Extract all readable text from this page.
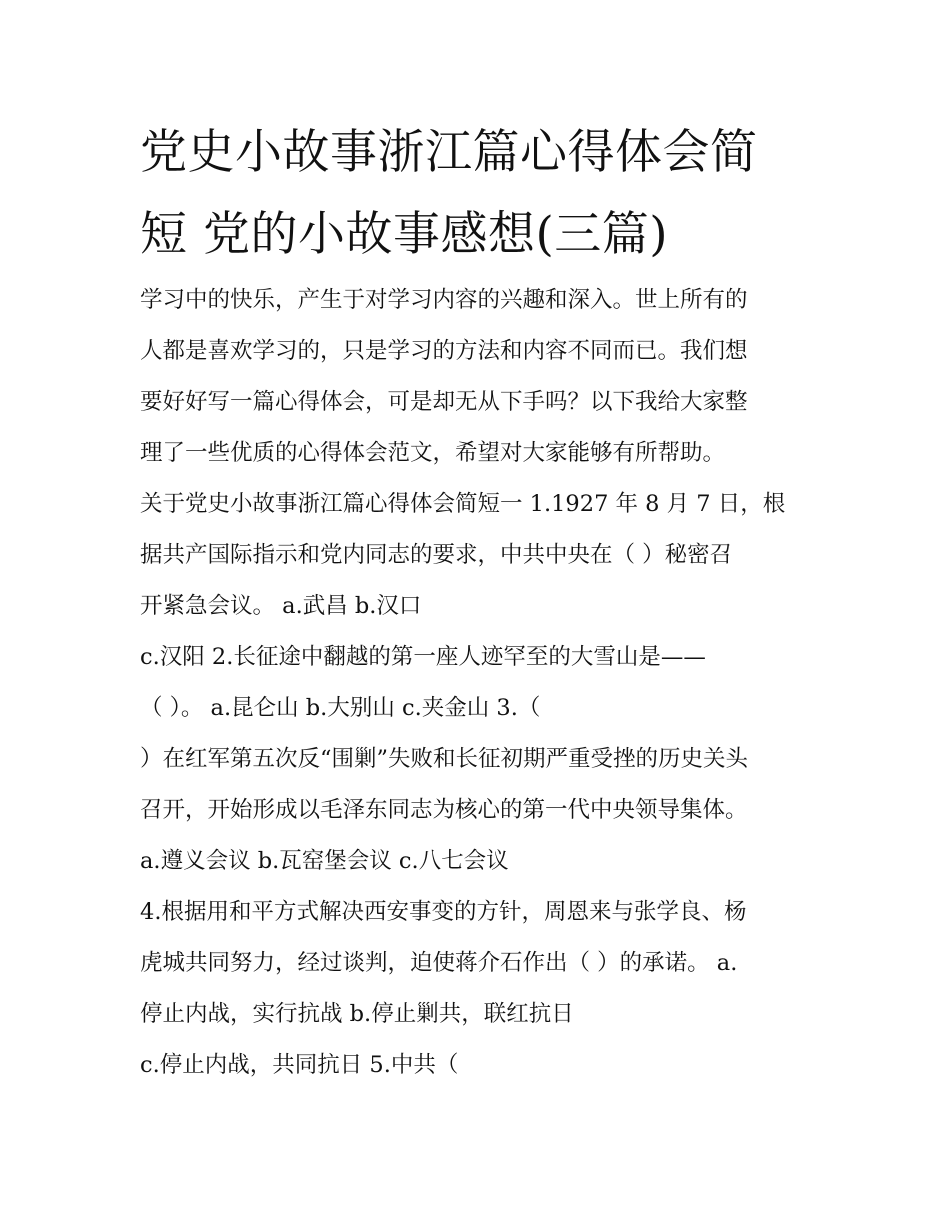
党史小故事浙江篇心得体会简
短 党的小故事感想(三篇)
学习中的快乐，产生于对学习内容的兴趣和深入。世上所有的
人都是喜欢学习的，只是学习的方法和内容不同而已。我们想
要好好写一篇心得体会，可是却无从下手吗？以下我给大家整
理了一些优质的心得体会范文，希望对大家能够有所帮助。
关于党史小故事浙江篇心得体会简短一 1.1927 年 8 月 7 日，根
据共产国际指示和党内同志的要求，中共中央在（ ）秘密召
开紧急会议。 a.武昌 b.汉口
c.汉阳 2.长征途中翻越的第一座人迹罕至的大雪山是——
（ ）。 a.昆仑山 b.大别山 c.夹金山 3.（
）在红军第五次反“围剿”失败和长征初期严重受挫的历史关头
召开，开始形成以毛泽东同志为核心的第一代中央领导集体。
a.遵义会议 b.瓦窑堡会议 c.八七会议
4.根据用和平方式解决西安事变的方针，周恩来与张学良、杨
虎城共同努力，经过谈判，迫使蒋介石作出（ ）的承诺。 a.
停止内战，实行抗战 b.停止剿共，联红抗日
c.停止内战，共同抗日 5.中共（
